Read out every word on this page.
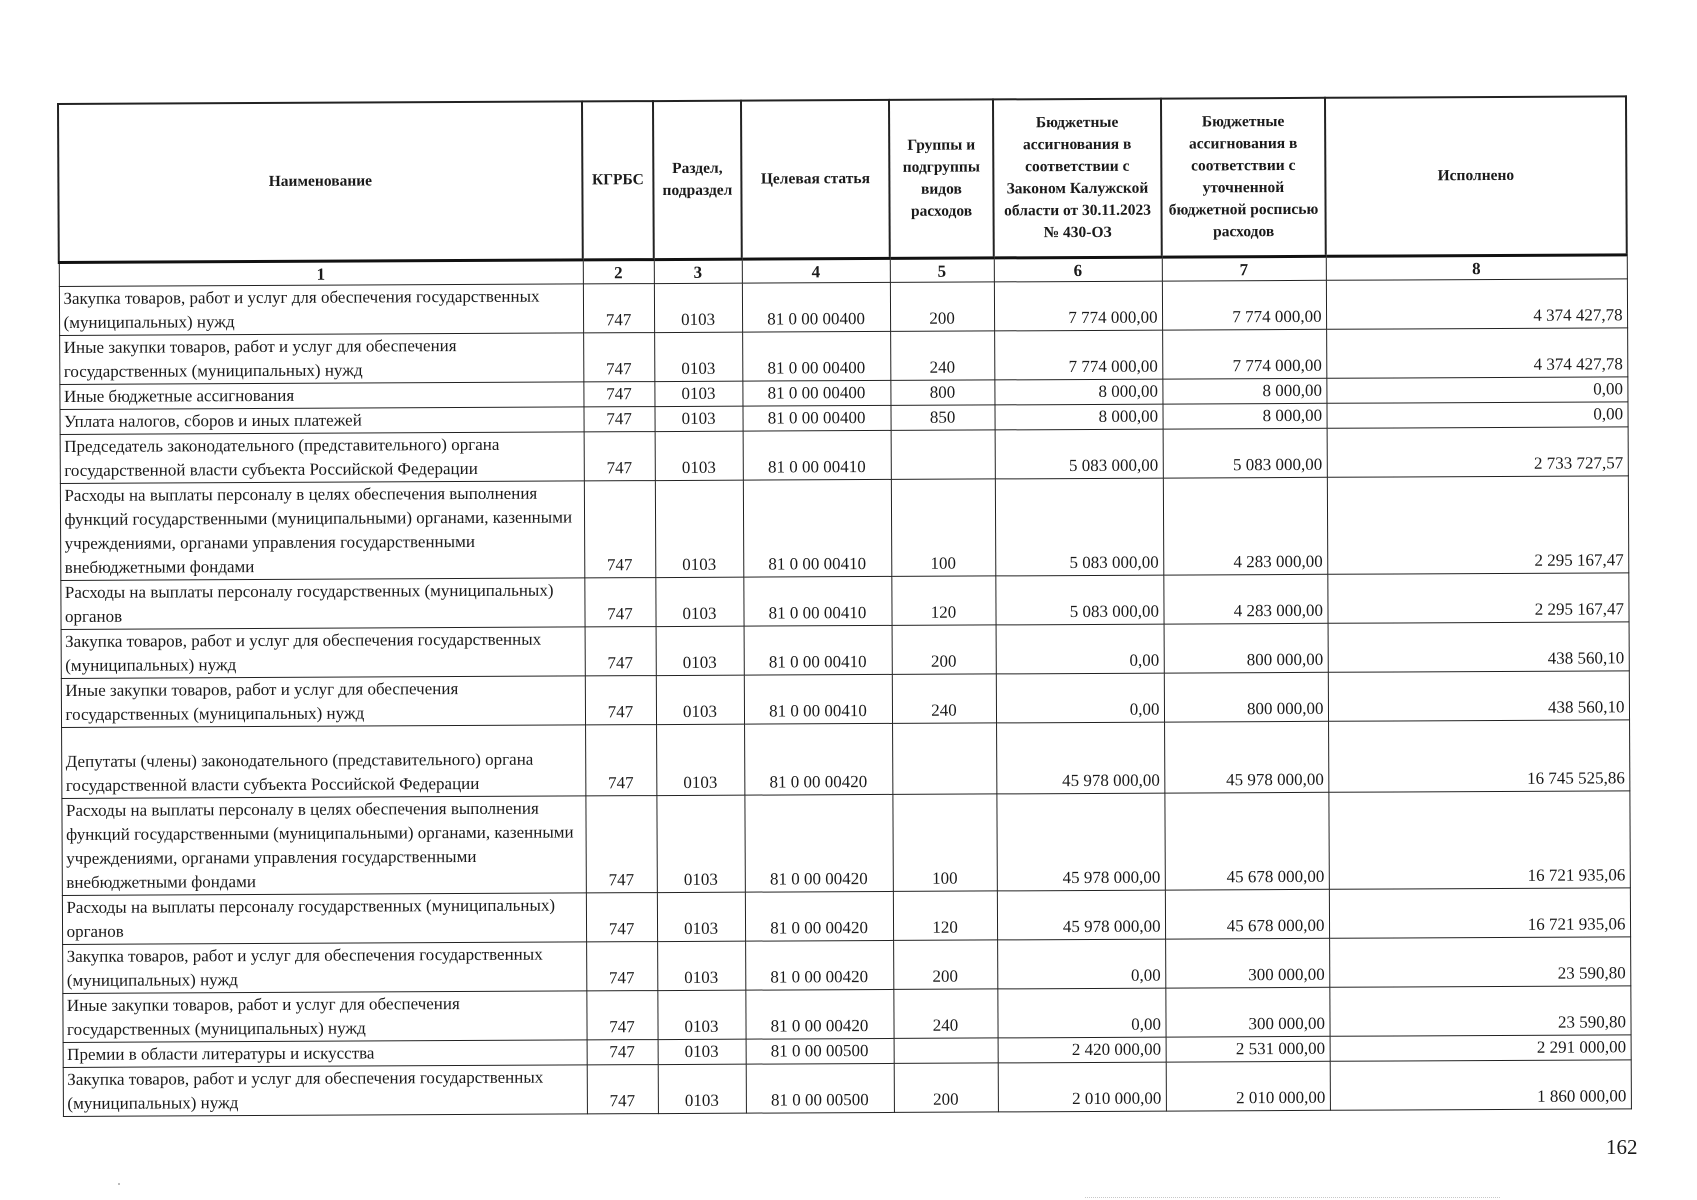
Наименование	КГРБС	Раздел, подраздел	Целевая статья	Группы и подгруппы видов расходов	Бюджетные ассигнования в соответствии с Законом Калужской области от 30.11.2023 № 430-ОЗ	Бюджетные ассигнования в соответствии с уточненной бюджетной росписью расходов	Исполнено
1	2	3	4	5	6	7	8
Закупка товаров, работ и услуг для обеспечения государственных (муниципальных) нужд	747	0103	81 0 00 00400	200	7 774 000,00	7 774 000,00	4 374 427,78
Иные закупки товаров, работ и услуг для обеспечения государственных (муниципальных) нужд	747	0103	81 0 00 00400	240	7 774 000,00	7 774 000,00	4 374 427,78
Иные бюджетные ассигнования	747	0103	81 0 00 00400	800	8 000,00	8 000,00	0,00
Уплата налогов, сборов и иных платежей	747	0103	81 0 00 00400	850	8 000,00	8 000,00	0,00
Председатель законодательного (представительного) органа государственной власти субъекта Российской Федерации	747	0103	81 0 00 00410		5 083 000,00	5 083 000,00	2 733 727,57
Расходы на выплаты персоналу в целях обеспечения выполнения функций государственными (муниципальными) органами, казенными учреждениями, органами управления государственными внебюджетными фондами	747	0103	81 0 00 00410	100	5 083 000,00	4 283 000,00	2 295 167,47
Расходы на выплаты персоналу государственных (муниципальных) органов	747	0103	81 0 00 00410	120	5 083 000,00	4 283 000,00	2 295 167,47
Закупка товаров, работ и услуг для обеспечения государственных (муниципальных) нужд	747	0103	81 0 00 00410	200	0,00	800 000,00	438 560,10
Иные закупки товаров, работ и услуг для обеспечения государственных (муниципальных) нужд	747	0103	81 0 00 00410	240	0,00	800 000,00	438 560,10
Депутаты (члены) законодательного (представительного) органа государственной власти субъекта Российской Федерации	747	0103	81 0 00 00420		45 978 000,00	45 978 000,00	16 745 525,86
Расходы на выплаты персоналу в целях обеспечения выполнения функций государственными (муниципальными) органами, казенными учреждениями, органами управления государственными внебюджетными фондами	747	0103	81 0 00 00420	100	45 978 000,00	45 678 000,00	16 721 935,06
Расходы на выплаты персоналу государственных (муниципальных) органов	747	0103	81 0 00 00420	120	45 978 000,00	45 678 000,00	16 721 935,06
Закупка товаров, работ и услуг для обеспечения государственных (муниципальных) нужд	747	0103	81 0 00 00420	200	0,00	300 000,00	23 590,80
Иные закупки товаров, работ и услуг для обеспечения государственных (муниципальных) нужд	747	0103	81 0 00 00420	240	0,00	300 000,00	23 590,80
Премии в области литературы и искусства	747	0103	81 0 00 00500		2 420 000,00	2 531 000,00	2 291 000,00
Закупка товаров, работ и услуг для обеспечения государственных (муниципальных) нужд	747	0103	81 0 00 00500	200	2 010 000,00	2 010 000,00	1 860 000,00
162
